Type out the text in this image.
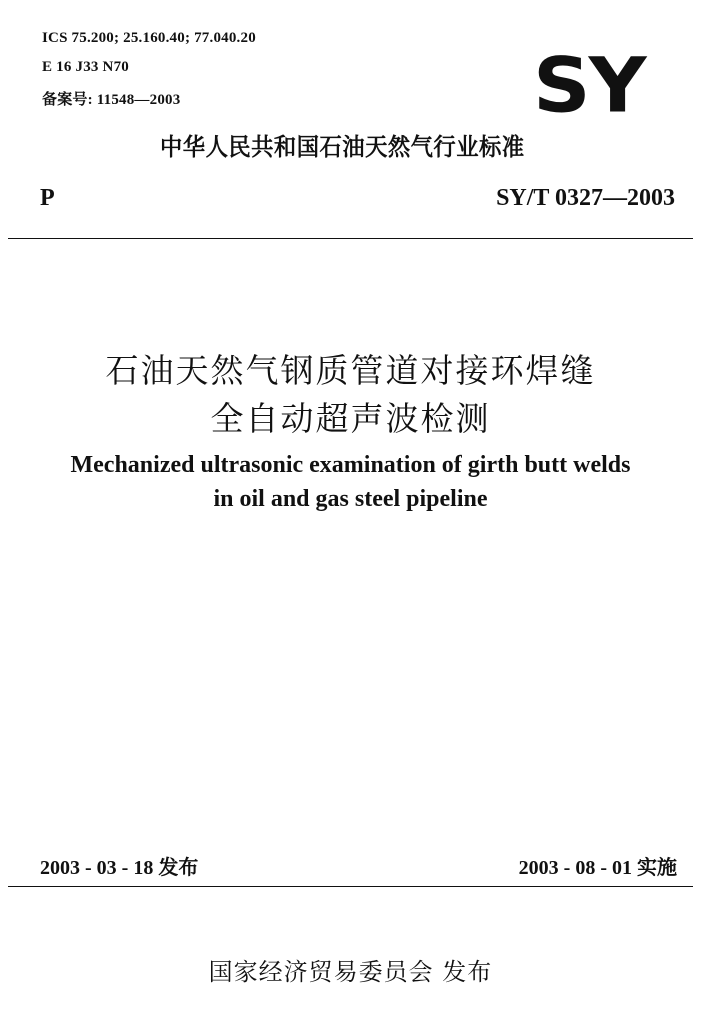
ICS 75.200; 25.160.40; 77.040.20
E 16 J33 N70
备案号: 11548—2003	SY
中华人民共和国石油天然气行业标准
P	SY/T 0327—2003
石油天然气钢质管道对接环焊缝
全自动超声波检测
Mechanized ultrasonic examination of girth butt welds
in oil and gas steel pipeline
2003 - 03 - 18 发布	2003 - 08 - 01 实施
国家经济贸易委员会 发布
